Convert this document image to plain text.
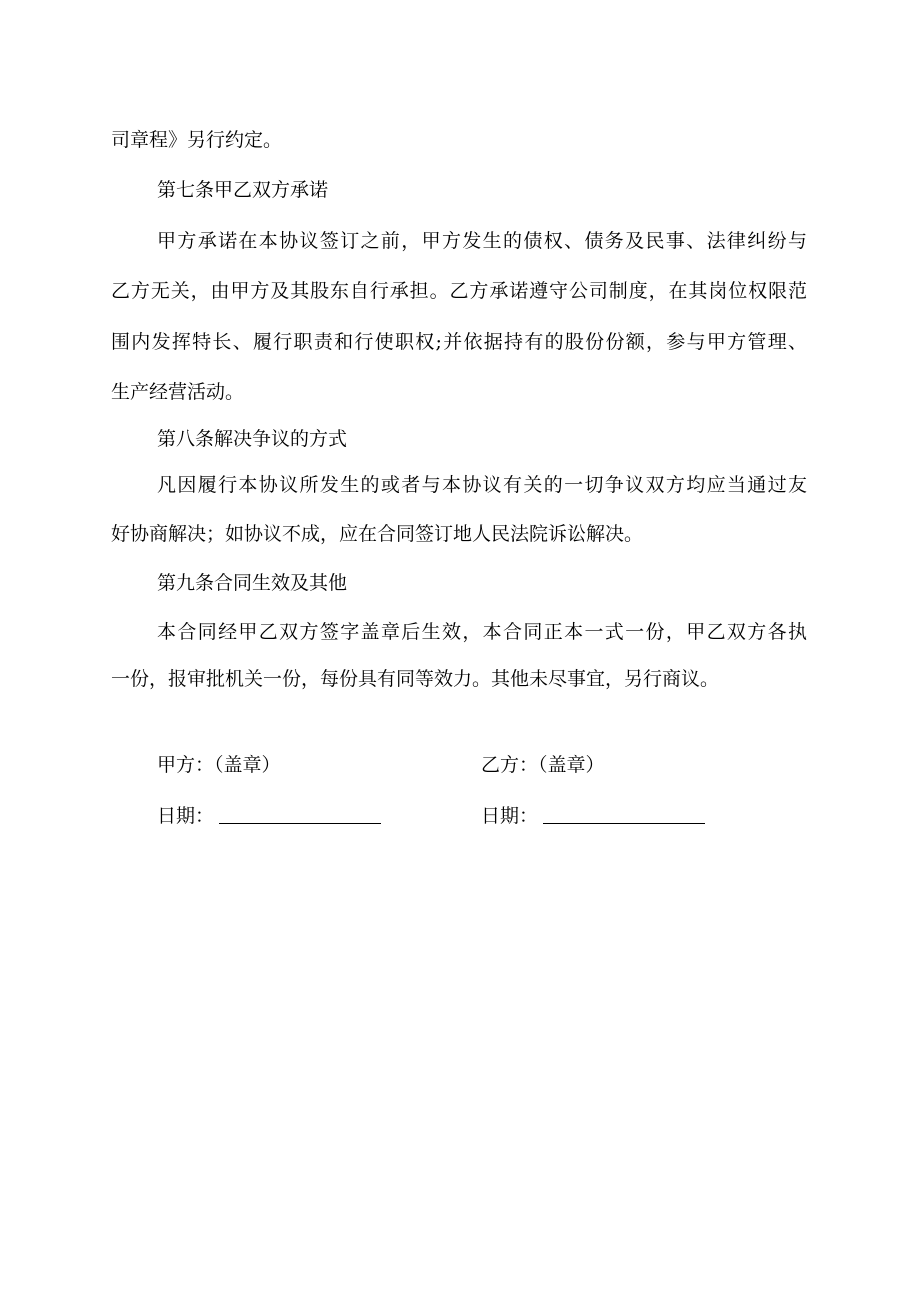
司章程》另行约定。
第七条甲乙双方承诺
甲方承诺在本协议签订之前，甲方发生的债权、债务及民事、法律纠纷与
乙方无关，由甲方及其股东自行承担。乙方承诺遵守公司制度，在其岗位权限范
围内发挥特长、履行职责和行使职权;并依据持有的股份份额，参与甲方管理、
生产经营活动。
第八条解决争议的方式
凡因履行本协议所发生的或者与本协议有关的一切争议双方均应当通过友
好协商解决；如协议不成，应在合同签订地人民法院诉讼解决。
第九条合同生效及其他
本合同经甲乙双方签字盖章后生效，本合同正本一式一份，甲乙双方各执
一份，报审批机关一份，每份具有同等效力。其他未尽事宜，另行商议。
甲方：（盖章）	乙方：（盖章）
日期：	日期：
